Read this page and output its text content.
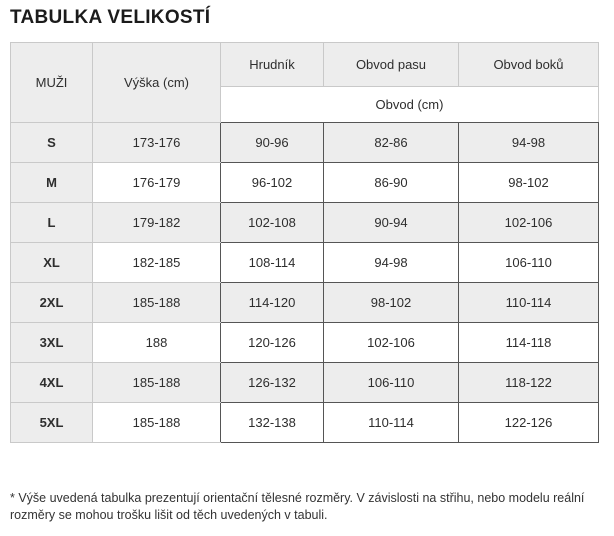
TABULKA VELIKOSTÍ
MUŽI	Výška (cm)	Hrudník	Obvod pasu	Obvod boků
		Obvod (cm)		
S	173-176	90-96	82-86	94-98
M	176-179	96-102	86-90	98-102
L	179-182	102-108	90-94	102-106
XL	182-185	108-114	94-98	106-110
2XL	185-188	114-120	98-102	110-114
3XL	188	120-126	102-106	114-118
4XL	185-188	126-132	106-110	118-122
5XL	185-188	132-138	110-114	122-126

* Výše uvedená tabulka prezentují orientační tělesné rozměry. V závislosti na střihu, nebo modelu reální rozměry se mohou trošku lišit od těch uvedených v tabuli.
